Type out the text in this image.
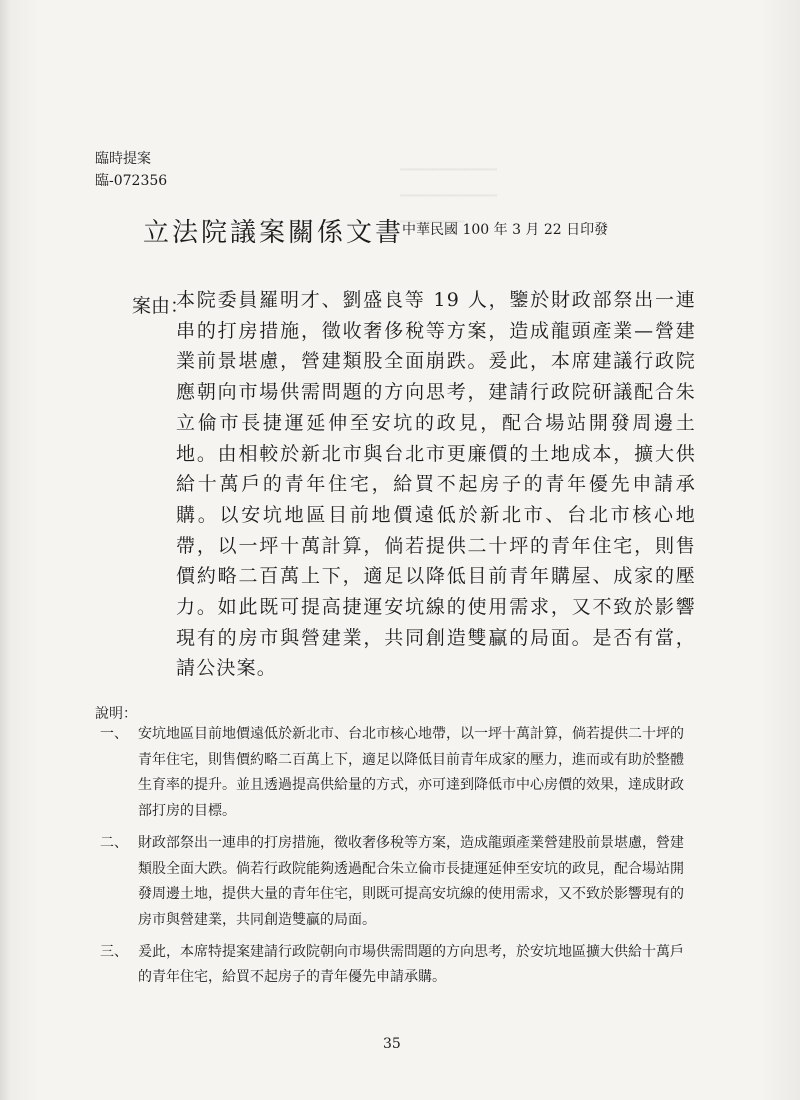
▁▁▁▁▁▁▁▁▁
▁▁▁▁▁▁▁▁▁
▁▁▁▁▁▁
臨時提案
臨-072356
立法院議案關係文書
中華民國 100 年 3 月 22 日印發
案由：
本院委員羅明才、劉盛良等 19 人，鑒於財政部祭出一連串的打房措施，徵收奢侈稅等方案，造成龍頭產業—營建業前景堪慮，營建類股全面崩跌。爰此，本席建議行政院應朝向市場供需問題的方向思考，建請行政院研議配合朱立倫市長捷運延伸至安坑的政見，配合場站開發周邊土地。由相較於新北市與台北市更廉價的土地成本，擴大供給十萬戶的青年住宅，給買不起房子的青年優先申請承購。以安坑地區目前地價遠低於新北市、台北市核心地帶，以一坪十萬計算，倘若提供二十坪的青年住宅，則售價約略二百萬上下，適足以降低目前青年購屋、成家的壓力。如此既可提高捷運安坑線的使用需求，又不致於影響現有的房市與營建業，共同創造雙贏的局面。是否有當，請公決案。
說明：
一、 安坑地區目前地價遠低於新北市、台北市核心地帶，以一坪十萬計算，倘若提供二十坪的青年住宅，則售價約略二百萬上下，適足以降低目前青年成家的壓力，進而或有助於整體生育率的提升。並且透過提高供給量的方式，亦可達到降低市中心房價的效果，達成財政部打房的目標。
二、 財政部祭出一連串的打房措施，徵收奢侈稅等方案，造成龍頭產業營建股前景堪慮，營建類股全面大跌。倘若行政院能夠透過配合朱立倫市長捷運延伸至安坑的政見，配合場站開發周邊土地，提供大量的青年住宅，則既可提高安坑線的使用需求，又不致於影響現有的房市與營建業，共同創造雙贏的局面。
三、 爰此，本席特提案建請行政院朝向市場供需問題的方向思考，於安坑地區擴大供給十萬戶的青年住宅，給買不起房子的青年優先申請承購。
35
